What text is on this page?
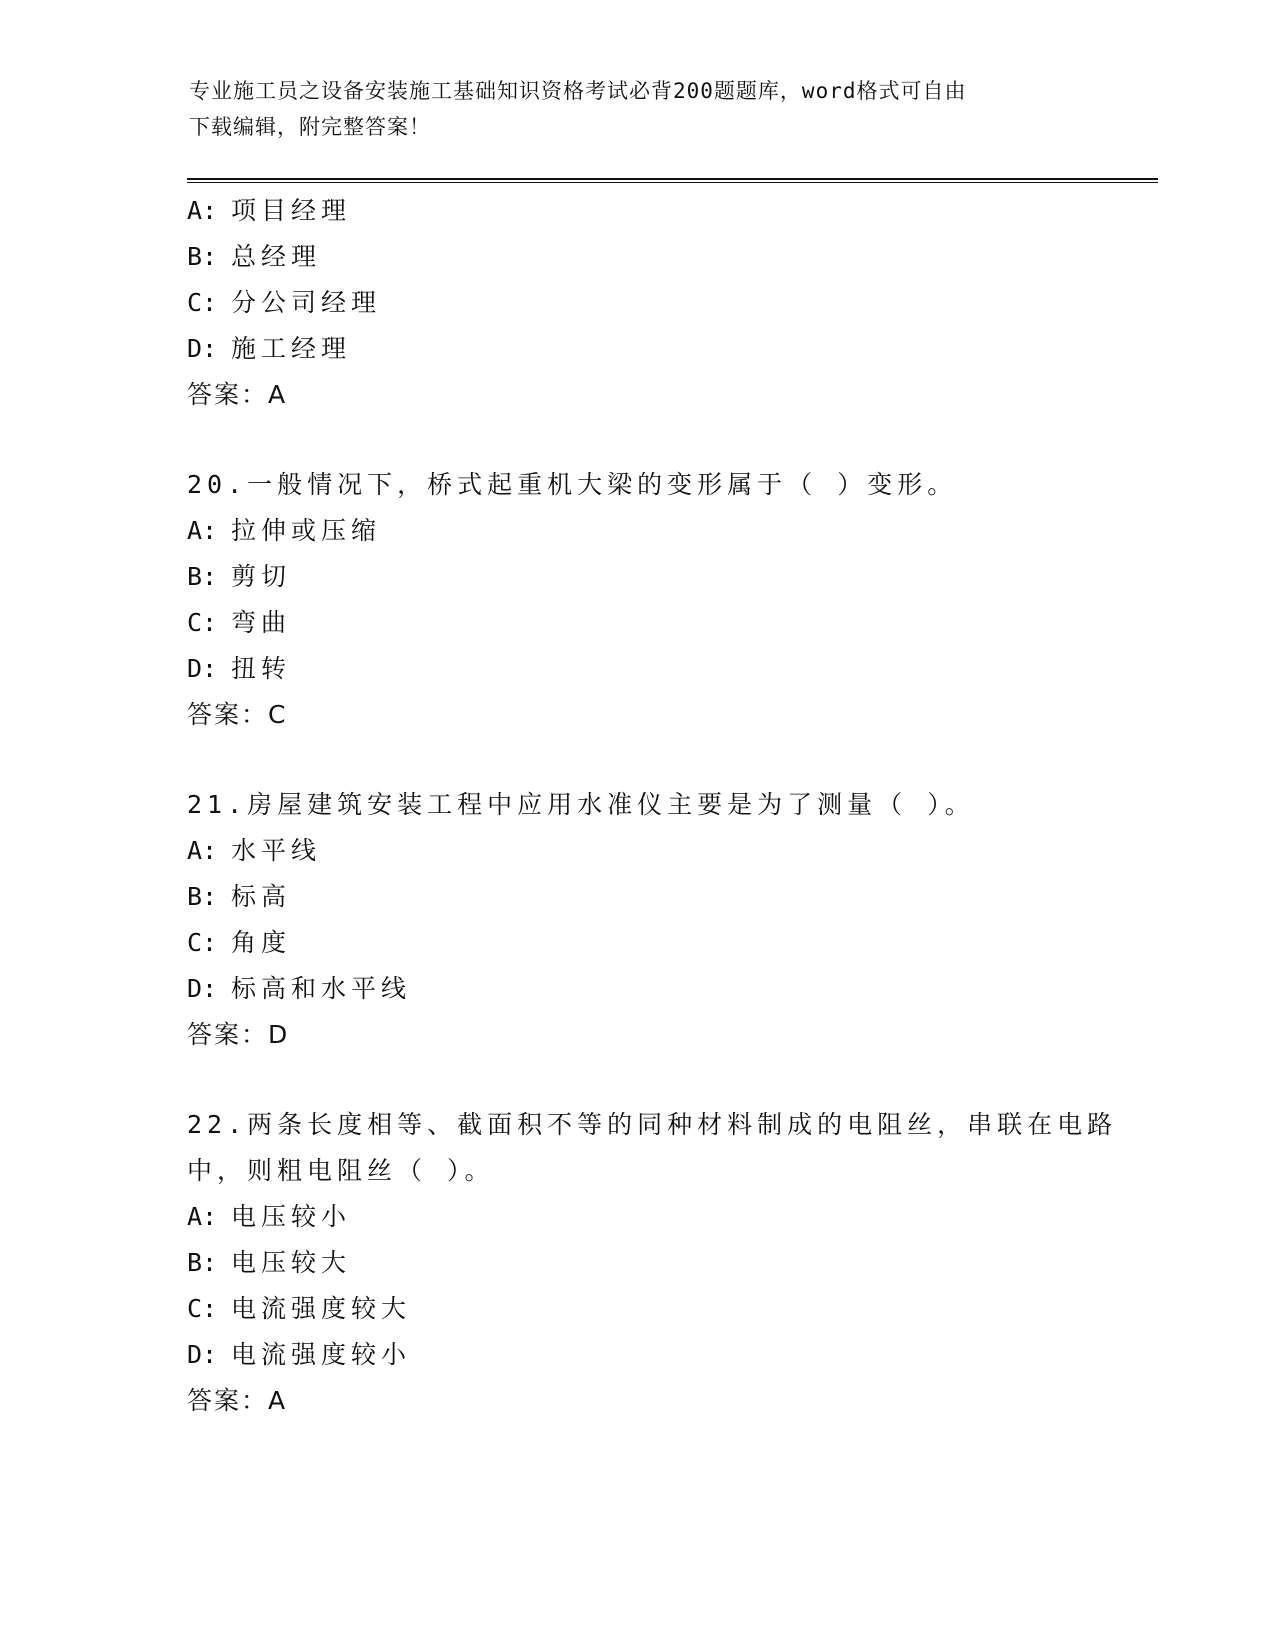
专业施工员之设备安装施工基础知识资格考试必背200题题库，word格式可自由
下载编辑，附完整答案！
A: 项目经理
B: 总经理
C: 分公司经理
D: 施工经理
答案：A
20.一般情况下，桥式起重机大梁的变形属于（ ）变形。
A: 拉伸或压缩
B: 剪切
C: 弯曲
D: 扭转
答案：C
21.房屋建筑安装工程中应用水准仪主要是为了测量（ ）。
A: 水平线
B: 标高
C: 角度
D: 标高和水平线
答案：D
22.两条长度相等、截面积不等的同种材料制成的电阻丝，串联在电路
中，则粗电阻丝（ ）。
A: 电压较小
B: 电压较大
C: 电流强度较大
D: 电流强度较小
答案：A
